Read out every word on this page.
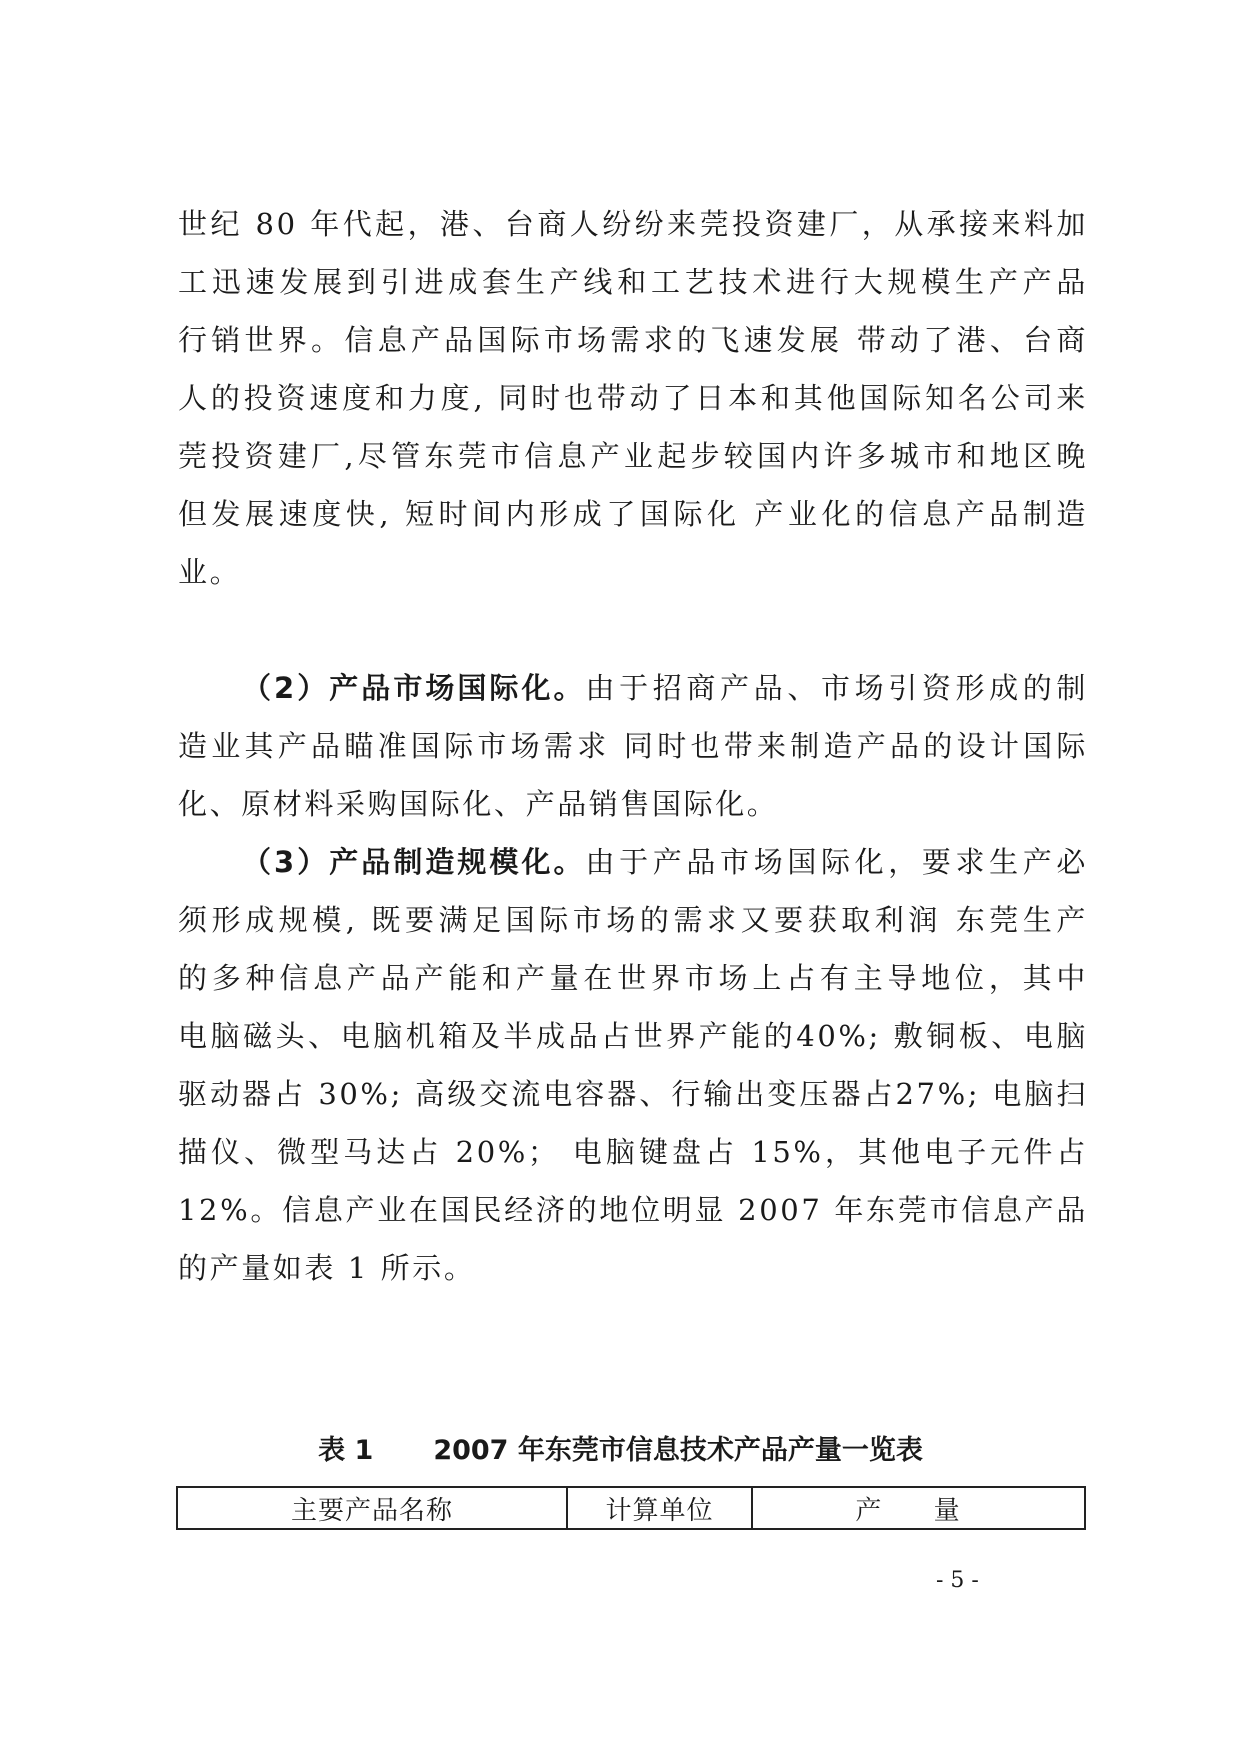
世纪 80 年代起，港、台商人纷纷来莞投资建厂，从承接来料加
工迅速发展到引进成套生产线和工艺技术进行大规模生产产品
行销世界。信息产品国际市场需求的飞速发展 带动了港、台商
人的投资速度和力度, 同时也带动了日本和其他国际知名公司来
莞投资建厂,尽管东莞市信息产业起步较国内许多城市和地区晚
但发展速度快, 短时间内形成了国际化 产业化的信息产品制造
业。
（2）产品市场国际化。由于招商产品、市场引资形成的制
造业其产品瞄准国际市场需求 同时也带来制造产品的设计国际
化、原材料采购国际化、产品销售国际化。
（3）产品制造规模化。由于产品市场国际化，要求生产必
须形成规模, 既要满足国际市场的需求又要获取利润 东莞生产
的多种信息产品产能和产量在世界市场上占有主导地位，其中
电脑磁头、电脑机箱及半成品占世界产能的40%; 敷铜板、电脑
驱动器占 30%; 高级交流电容器、行输出变压器占27%; 电脑扫
描仪、微型马达占 20%； 电脑键盘占 15%，其他电子元件占
12%。信息产业在国民经济的地位明显 2007 年东莞市信息产品
的产量如表 1 所示。
表 1 2007 年东莞市信息技术产品产量一览表
主要产品名称	计算单位	产 量
- 5 -
